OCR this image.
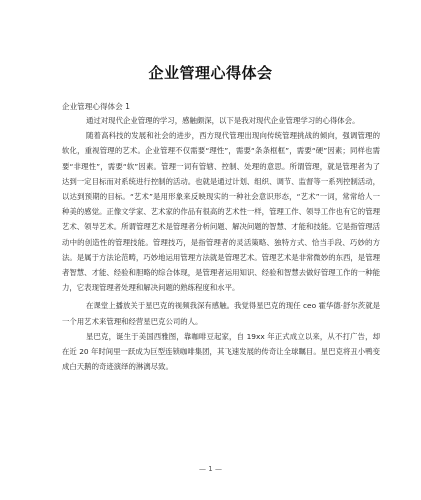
企业管理心得体会
企业管理心得体会 1

通过对现代企业管理的学习，感触颇深，以下是我对现代企业管理学习的心得体会。

随着高科技的发展和社会的进步，西方现代管理出现向传统管理挑战的倾向，强调管理的软化，重视管理的艺术。企业管理不仅需要“理性”，需要“条条框框”，需要“硬”因素；同样也需要“非理性”，需要“软”因素。管理一词有管辖、控制、处理的意思。所谓管理，就是管理者为了达到一定目标而对系统进行控制的活动。也就是通过计划、组织、调节、监督等一系列控制活动，以达到预期的目标。“艺术”是用形象来反映现实的一种社会意识形态，“艺术”一词，常常给人一种美的感觉。正像文学家、艺术家的作品有很高的艺术性一样，管理工作、领导工作也有它的管理艺术、领导艺术。所谓管理艺术是管理者分析问题、解决问题的智慧、才能和技能。它是指管理活动中的创造性的管理技能。管理技巧，是指管理者的灵活策略、独特方式、恰当手段、巧妙的方法。是属于方法论范畴，巧妙地运用管理方法就是管理艺术。管理艺术是非常微妙的东西，是管理者智慧、才能、经验和胆略的综合体现，是管理者运用知识、经验和智慧去做好管理工作的一种能力，它表现管理者处理和解决问题的熟练程度和水平。

在课堂上播放关于星巴克的视频我深有感触。我觉得星巴克的现任 ceo 霍华德·舒尔茨就是一个用艺术来管理和经营星巴克公司的人。

星巴克，诞生于美国西雅图，靠咖啡豆起家，自 19xx 年正式成立以来，从不打广告，却在近 20 年时间里一跃成为巨型连锁咖啡集团，其飞速发展的传奇让全球瞩目。星巴克将丑小鸭变成白天鹅的奇迹演绎的淋漓尽致。

— 1 —
